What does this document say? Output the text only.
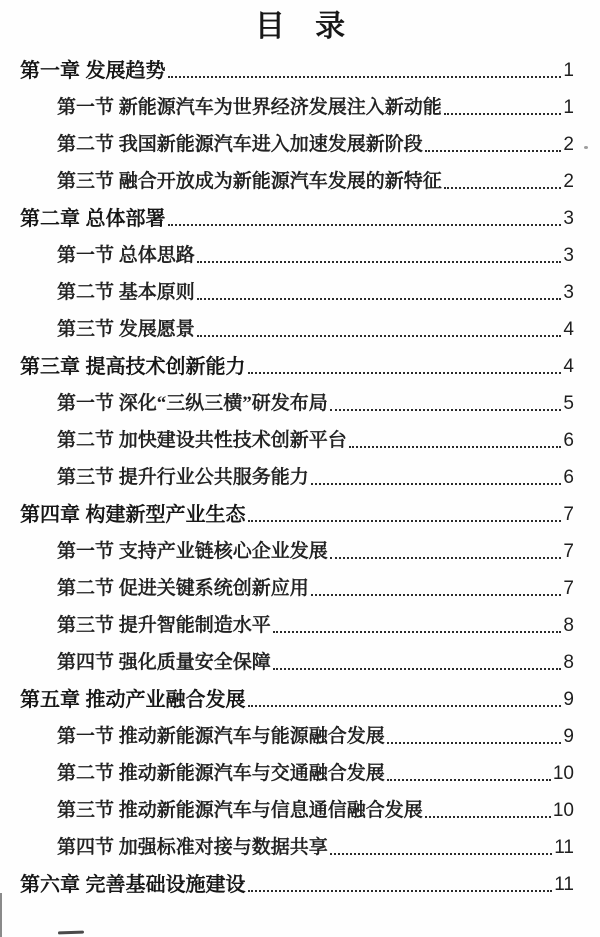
目 录
第一章 发展趋势	1
第一节 新能源汽车为世界经济发展注入新动能	1
第二节 我国新能源汽车进入加速发展新阶段	2
第三节 融合开放成为新能源汽车发展的新特征	2
第二章 总体部署	3
第一节 总体思路	3
第二节 基本原则	3
第三节 发展愿景	4
第三章 提高技术创新能力	4
第一节 深化“三纵三横”研发布局	5
第二节 加快建设共性技术创新平台	6
第三节 提升行业公共服务能力	6
第四章 构建新型产业生态	7
第一节 支持产业链核心企业发展	7
第二节 促进关键系统创新应用	7
第三节 提升智能制造水平	8
第四节 强化质量安全保障	8
第五章 推动产业融合发展	9
第一节 推动新能源汽车与能源融合发展	9
第二节 推动新能源汽车与交通融合发展	10
第三节 推动新能源汽车与信息通信融合发展	10
第四节 加强标准对接与数据共享	11
第六章 完善基础设施建设	11
